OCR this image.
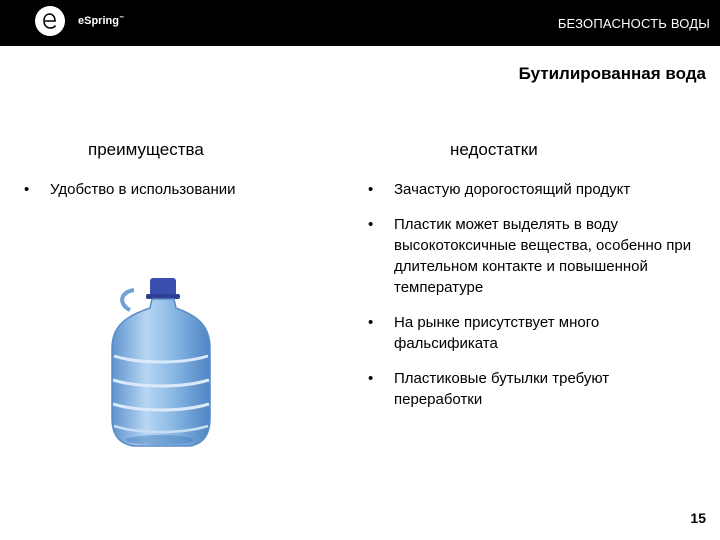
eSpring™	БЕЗОПАСНОСТЬ ВОДЫ
Бутилированная вода
преимущества	недостатки
• Удобство в использовании
•	Зачастую дорогостоящий продукт
• Пластик может выделять в воду высокотоксичные вещества, особенно при длительном контакте и повышенной температуре
• На рынке присутствует много фальсификата
• Пластиковые бутылки требуют переработки
15
